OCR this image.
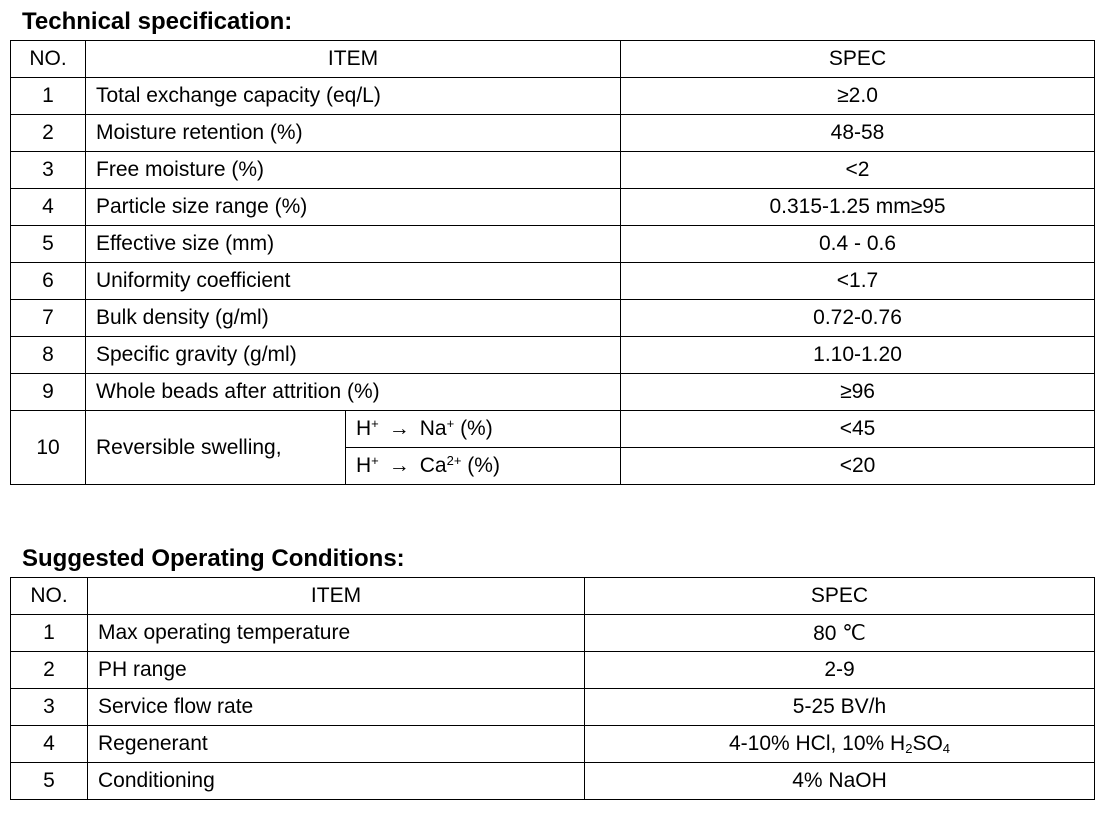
Technical specification:
NO.	ITEM		SPEC
1	Total exchange capacity (eq/L)		≥2.0
2	Moisture retention (%)		48-58
3	Free moisture (%)		<2
4	Particle size range (%)		0.315-1.25 mm≥95
5	Effective size (mm)		0.4 - 0.6
6	Uniformity coefficient		<1.7
7	Bulk density (g/ml)		0.72-0.76
8	Specific gravity (g/ml)		1.10-1.20
9	Whole beads after attrition (%)		≥96
10	Reversible swelling,	H+ → Na+ (%)	<45
		$H^+ \to Ca^{2+}$ (%)	<20
Suggested Operating Conditions:
NO.	ITEM	SPEC
1	Max operating temperature	80 ℃
2	PH range	2-9
3	Service flow rate	5-25 BV/h
4	Regenerant	4-10% HCl, 10% $H_2SO_4$
5	Conditioning	4% NaOH
